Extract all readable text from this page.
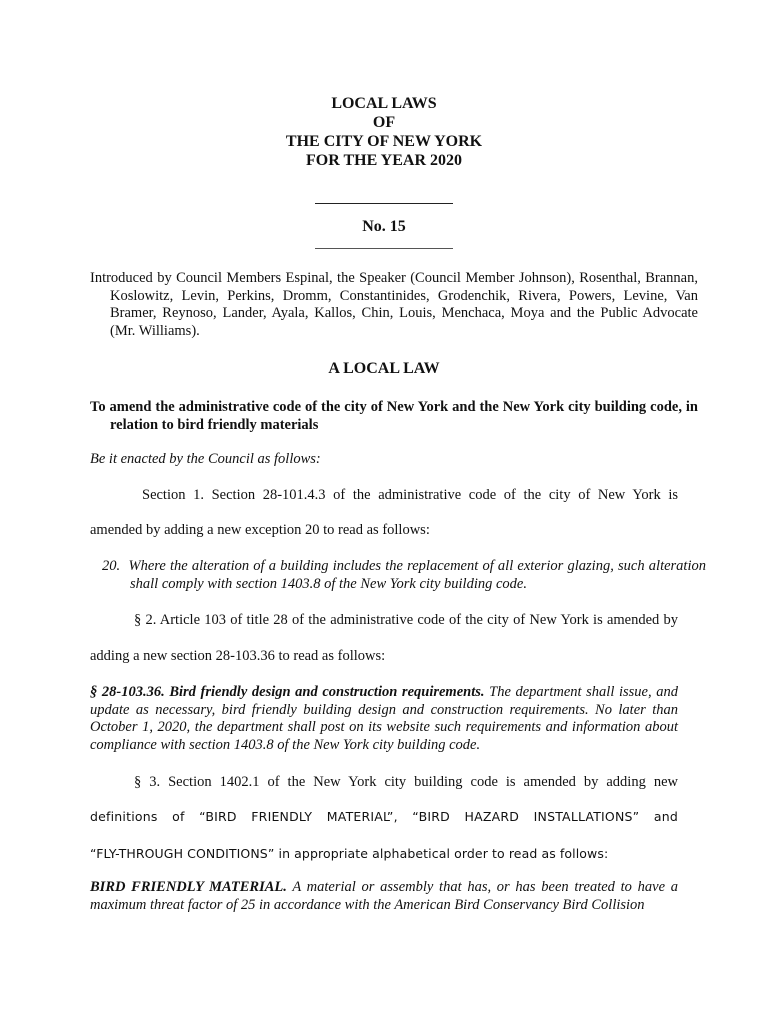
LOCAL LAWS
OF
THE CITY OF NEW YORK
FOR THE YEAR 2020
No. 15
Introduced by Council Members Espinal, the Speaker (Council Member Johnson), Rosenthal, Brannan, Koslowitz, Levin, Perkins, Dromm, Constantinides, Grodenchik, Rivera, Powers, Levine, Van Bramer, Reynoso, Lander, Ayala, Kallos, Chin, Louis, Menchaca, Moya and the Public Advocate (Mr. Williams).
A LOCAL LAW
To amend the administrative code of the city of New York and the New York city building code, in relation to bird friendly materials
Be it enacted by the Council as follows:
Section 1. Section 28-101.4.3 of the administrative code of the city of New York is
amended by adding a new exception 20 to read as follows:
20.  Where the alteration of a building includes the replacement of all exterior glazing, such alteration shall comply with section 1403.8 of the New York city building code.
§ 2. Article 103 of title 28 of the administrative code of the city of New York is amended by
adding a new section 28-103.36 to read as follows:
§ 28-103.36. Bird friendly design and construction requirements. The department shall issue, and update as necessary, bird friendly building design and construction requirements. No later than October 1, 2020, the department shall post on its website such requirements and information about compliance with section 1403.8 of the New York city building code.
§ 3. Section 1402.1 of the New York city building code is amended by adding new
definitions of “BIRD FRIENDLY MATERIAL”, “BIRD HAZARD INSTALLATIONS” and
“FLY-THROUGH CONDITIONS” in appropriate alphabetical order to read as follows:
BIRD FRIENDLY MATERIAL. A material or assembly that has, or has been treated to have a maximum threat factor of 25 in accordance with the American Bird Conservancy Bird Collision
